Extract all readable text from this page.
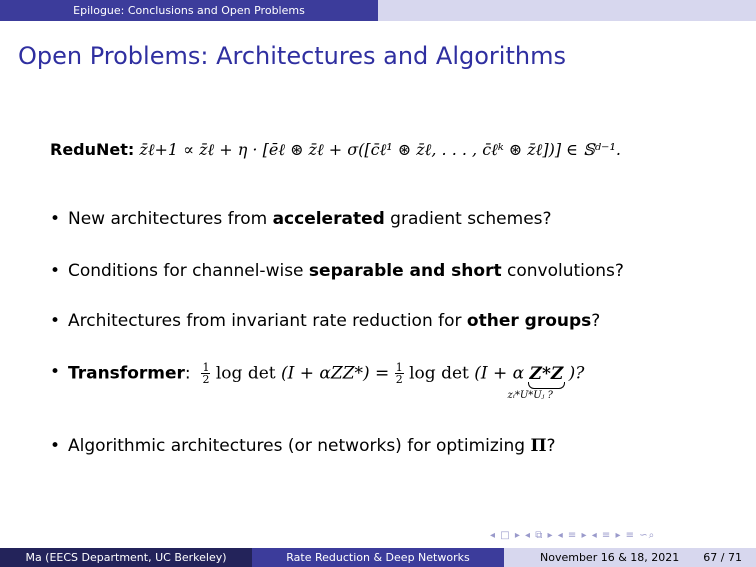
Epilogue: Conclusions and Open Problems
Open Problems: Architectures and Algorithms
ReduNet: z̄ℓ+1 ∝ z̄ℓ + η · [ēℓ ⊛ z̄ℓ + σ([c̄ℓ¹ ⊛ z̄ℓ, . . . , c̄ℓᵏ ⊛ z̄ℓ])] ∈ 𝕊ᵈ⁻¹.
• New architectures from accelerated gradient schemes?
• Conditions for channel-wise separable and short convolutions?
• Architectures from invariant rate reduction for other groups?
• Transformer: $\frac{1}{2}$ $\log \det (I + \alpha ZZ*) = \frac{1}{2}$ log det (I + α Z*Z
zᵢ*U*Uⱼ ?
)?
• Algorithmic architectures (or networks) for optimizing Π?
◂ □ ▸ ◂ ⧉ ▸ ◂ ≡ ▸ ◂ ≡ ▸ ≡ ∽⌕
Ma (EECS Department, UC Berkeley)	Rate Reduction & Deep Networks	November 16 & 18, 2021 67 / 71
